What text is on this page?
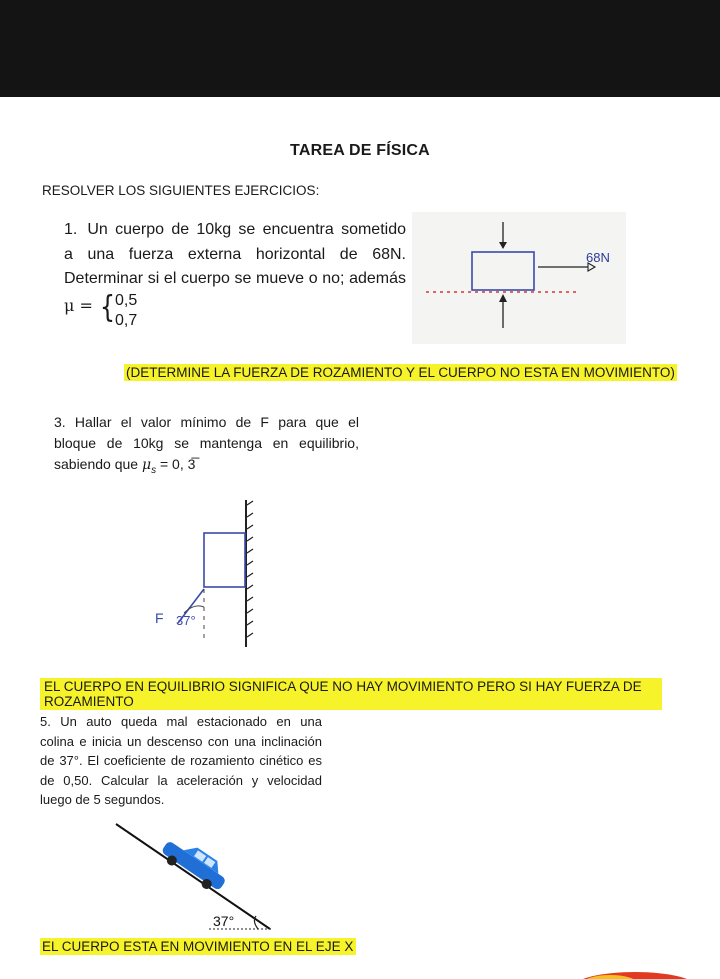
TAREA DE FÍSICA
RESOLVER LOS SIGUIENTES EJERCICIOS:
1. Un cuerpo de 10kg se encuentra sometido
a una fuerza externa horizontal de 68N.
Determinar si el cuerpo se mueve o no; además
μ = { 0,5
0,7
68N
(DETERMINE LA FUERZA DE ROZAMIENTO Y EL CUERPO NO ESTA EN MOVIMIENTO)
3. Hallar el valor mínimo de F para que el
bloque de 10kg se mantenga en equilibrio,
sabiendo que $\mu_s = 0$, 3̅
F 37°
EL CUERPO EN EQUILIBRIO SIGNIFICA QUE NO HAY MOVIMIENTO PERO SI HAY FUERZA DE ROZAMIENTO
5. Un auto queda mal estacionado en una
colina e inicia un descenso con una inclinación
de 37°. El coeficiente de rozamiento cinético es
de 0,50. Calcular la aceleración y velocidad
luego de 5 segundos.
37°
EL CUERPO ESTA EN MOVIMIENTO EN EL EJE X
